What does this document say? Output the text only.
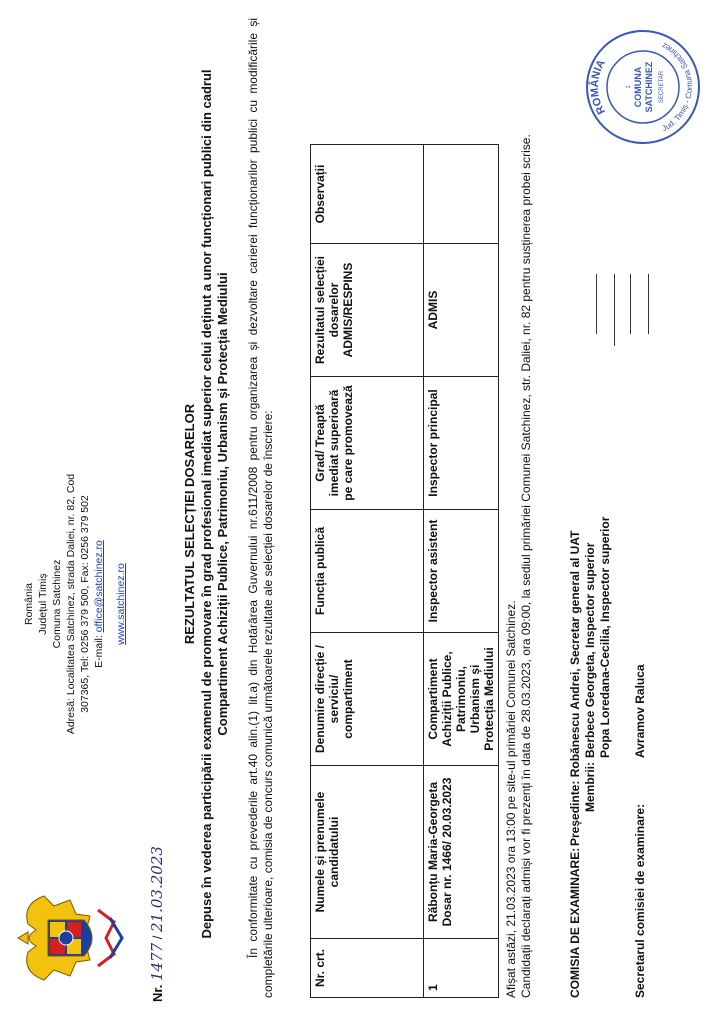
România Județul Timiș Comuna Satchinez Adresă: Localitatea Satchinez, strada Daliei, nr. 82, Cod 307365, Tel: 0256 379 500, Fax: 0256 379 502 E-mail: office@satchinez.ro www.satchinez.ro
Nr. 1477 / 21.03.2023
REZULTATUL SELECȚIEI DOSARELOR Depuse în vederea participării examenul de promovare în grad profesional imediat superior celui deținut a unor funcționari publici din cadrul Compartiment Achiziții Publice, Patrimoniu, Urbanism și Protecția Mediului În conformitate cu prevederile art.40 alin.(1) lit.a) din Hotărârea Guvernului nr.611/2008 pentru organizarea și dezvoltare carierei funcționarilor publici cu modificările și completările ulterioare, comisia de concurs comunică următoarele rezultate ale selecției dosarelor de înscriere:	Nr. crt.	Numele și prenumele candidatului	Denumire direcție / serviciu/ compartiment	Funcția publică	Grad/ Treaptă imediat superioară pe care promovează	Rezultatul selecției dosarelor ADMIS/RESPINS	Observații
1	Răbonțu Maria-Georgeta Dosar nr. 1466/ 20.03.2023	Compartiment Achiziții Publice, Patrimoniu, Urbanism și Protecția Mediului	Inspector asistent	Inspector principal	ADMIS	
Afișat astăzi, 21.03.2023 ora 13:00 pe site-ul primăriei Comunei Satchinez. Candidații declarați admiși vor fi prezenți în data de 28.03.2023, ora 09:00, la sediul primăriei Comunei Satchinez, str. Daliei, nr. 82 pentru susținerea probei scrise.	COMISIA DE EXAMINARE:Președinte: Robănescu Andrei, Secretar general al UAT
Membrii:Berbece Georgeta, Inspector superior Popa Loredana-Cecilia, Inspector superior
Secretarul comisiei de examinare:Avramov Raluca
ROMÂNIA
1 COMUNA SATCHINEZ SECRETAR
Jud. Timiș - Comuna Satchinez
